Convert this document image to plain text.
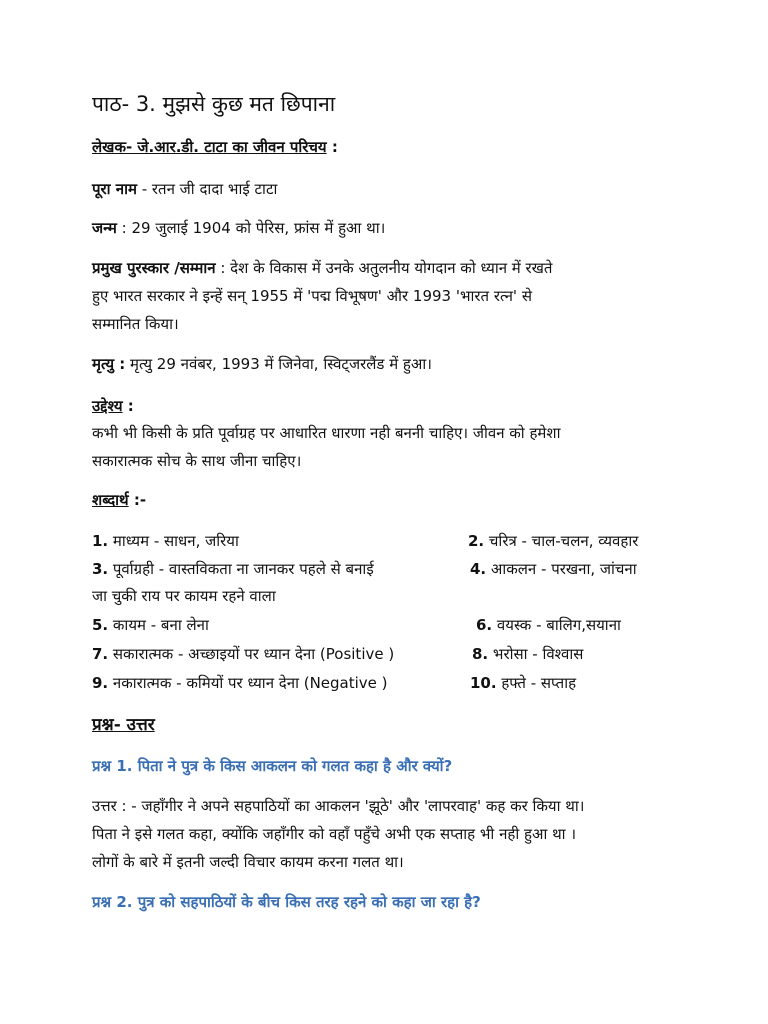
पाठ- 3. मुझसे कुछ मत छिपाना
लेखक- जे.आर.डी. टाटा का जीवन परिचय :
पूरा नाम - रतन जी दादा भाई टाटा
जन्म : 29 जुलाई 1904 को पेरिस, फ्रांस में हुआ था।
प्रमुख पुरस्कार /सम्मान : देश के विकास में उनके अतुलनीय योगदान को ध्यान में रखते
हुए भारत सरकार ने इन्हें सन् 1955 में 'पद्म विभूषण' और 1993 'भारत रत्न' से
सम्मानित किया।
मृत्यु : मृत्यु 29 नवंबर, 1993 में जिनेवा, स्विट्जरलैंड में हुआ।
उद्देश्य :
कभी भी किसी के प्रति पूर्वाग्रह पर आधारित धारणा नही बननी चाहिए। जीवन को हमेशा
सकारात्मक सोच के साथ जीना चाहिए।
शब्दार्थ :-
1. माध्यम - साधन, जरिया	2. चरित्र - चाल-चलन, व्यवहार
3. पूर्वाग्रही - वास्तविकता ना जानकर पहले से बनाई	4. आकलन - परखना, जांचना
जा चुकी राय पर कायम रहने वाला
5. कायम - बना लेना	6. वयस्क - बालिग,सयाना
7. सकारात्मक - अच्छाइयों पर ध्यान देना (Positive )	8. भरोसा - विश्वास
9. नकारात्मक - कमियों पर ध्यान देना (Negative )	10. हफ्ते - सप्ताह
प्रश्न- उत्तर
प्रश्न 1. पिता ने पुत्र के किस आकलन को गलत कहा है और क्यों?
उत्तर : - जहाँगीर ने अपने सहपाठियों का आकलन 'झूठे' और 'लापरवाह' कह कर किया था।
पिता ने इसे गलत कहा, क्योंकि जहाँगीर को वहाँ पहुँचे अभी एक सप्ताह भी नही हुआ था ।
लोगों के बारे में इतनी जल्दी विचार कायम करना गलत था।
प्रश्न 2. पुत्र को सहपाठियों के बीच किस तरह रहने को कहा जा रहा है?
